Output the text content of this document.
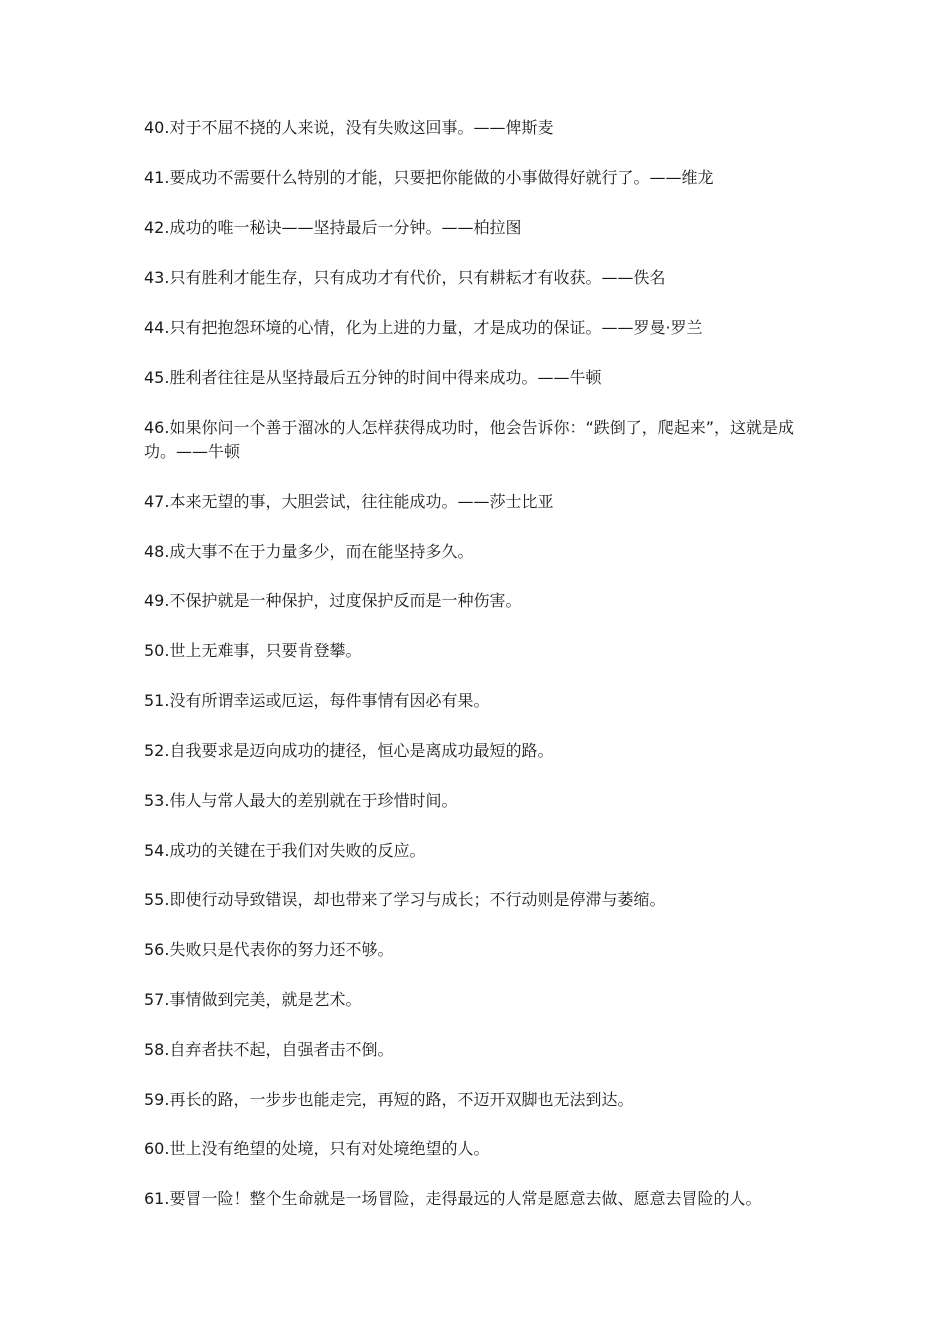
40.对于不屈不挠的人来说，没有失败这回事。——俾斯麦

41.要成功不需要什么特别的才能，只要把你能做的小事做得好就行了。——维龙

42.成功的唯一秘诀——坚持最后一分钟。——柏拉图

43.只有胜利才能生存，只有成功才有代价，只有耕耘才有收获。——佚名

44.只有把抱怨环境的心情，化为上进的力量，才是成功的保证。——罗曼·罗兰

45.胜利者往往是从坚持最后五分钟的时间中得来成功。——牛顿

46.如果你问一个善于溜冰的人怎样获得成功时，他会告诉你：“跌倒了，爬起来”，这就是成功。——牛顿

47.本来无望的事，大胆尝试，往往能成功。——莎士比亚

48.成大事不在于力量多少，而在能坚持多久。

49.不保护就是一种保护，过度保护反而是一种伤害。

50.世上无难事，只要肯登攀。

51.没有所谓幸运或厄运，每件事情有因必有果。

52.自我要求是迈向成功的捷径，恒心是离成功最短的路。

53.伟人与常人最大的差别就在于珍惜时间。

54.成功的关键在于我们对失败的反应。

55.即使行动导致错误，却也带来了学习与成长；不行动则是停滞与萎缩。

56.失败只是代表你的努力还不够。

57.事情做到完美，就是艺术。

58.自弃者扶不起，自强者击不倒。

59.再长的路，一步步也能走完，再短的路，不迈开双脚也无法到达。

60.世上没有绝望的处境，只有对处境绝望的人。

61.要冒一险！整个生命就是一场冒险，走得最远的人常是愿意去做、愿意去冒险的人。
